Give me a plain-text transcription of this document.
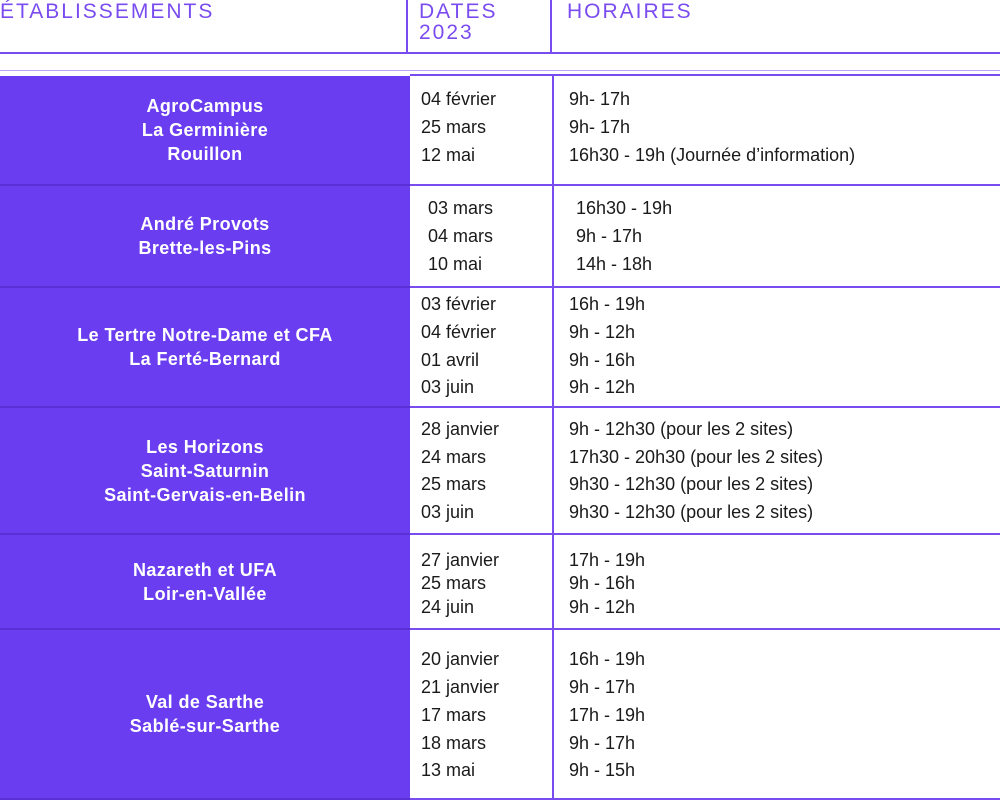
ÉTABLISSEMENTS	DATES
2023
HORAIRES
AgroCampus
La Germinière
Rouillon
04 février
25 mars
12 mai
9h- 17h
9h- 17h
16h30 - 19h (Journée d’information)
André Provots
Brette-les-Pins
03 mars
04 mars
10 mai
16h30 - 19h
9h - 17h
14h - 18h
Le Tertre Notre-Dame et CFA
La Ferté-Bernard
03 février
04 février
01 avril
03 juin
16h - 19h
9h - 12h
9h - 16h
9h - 12h
Les Horizons
Saint-Saturnin
Saint-Gervais-en-Belin
28 janvier
24 mars
25 mars
03 juin
9h - 12h30 (pour les 2 sites)
17h30 - 20h30 (pour les 2 sites)
9h30 - 12h30 (pour les 2 sites)
9h30 - 12h30 (pour les 2 sites)
Nazareth et UFA
Loir-en-Vallée
27 janvier
25 mars
24 juin
17h - 19h
9h - 16h
9h - 12h
Val de Sarthe
Sablé-sur-Sarthe
20 janvier
21 janvier
17 mars
18 mars
13 mai
16h - 19h
9h - 17h
17h - 19h
9h - 17h
9h - 15h
